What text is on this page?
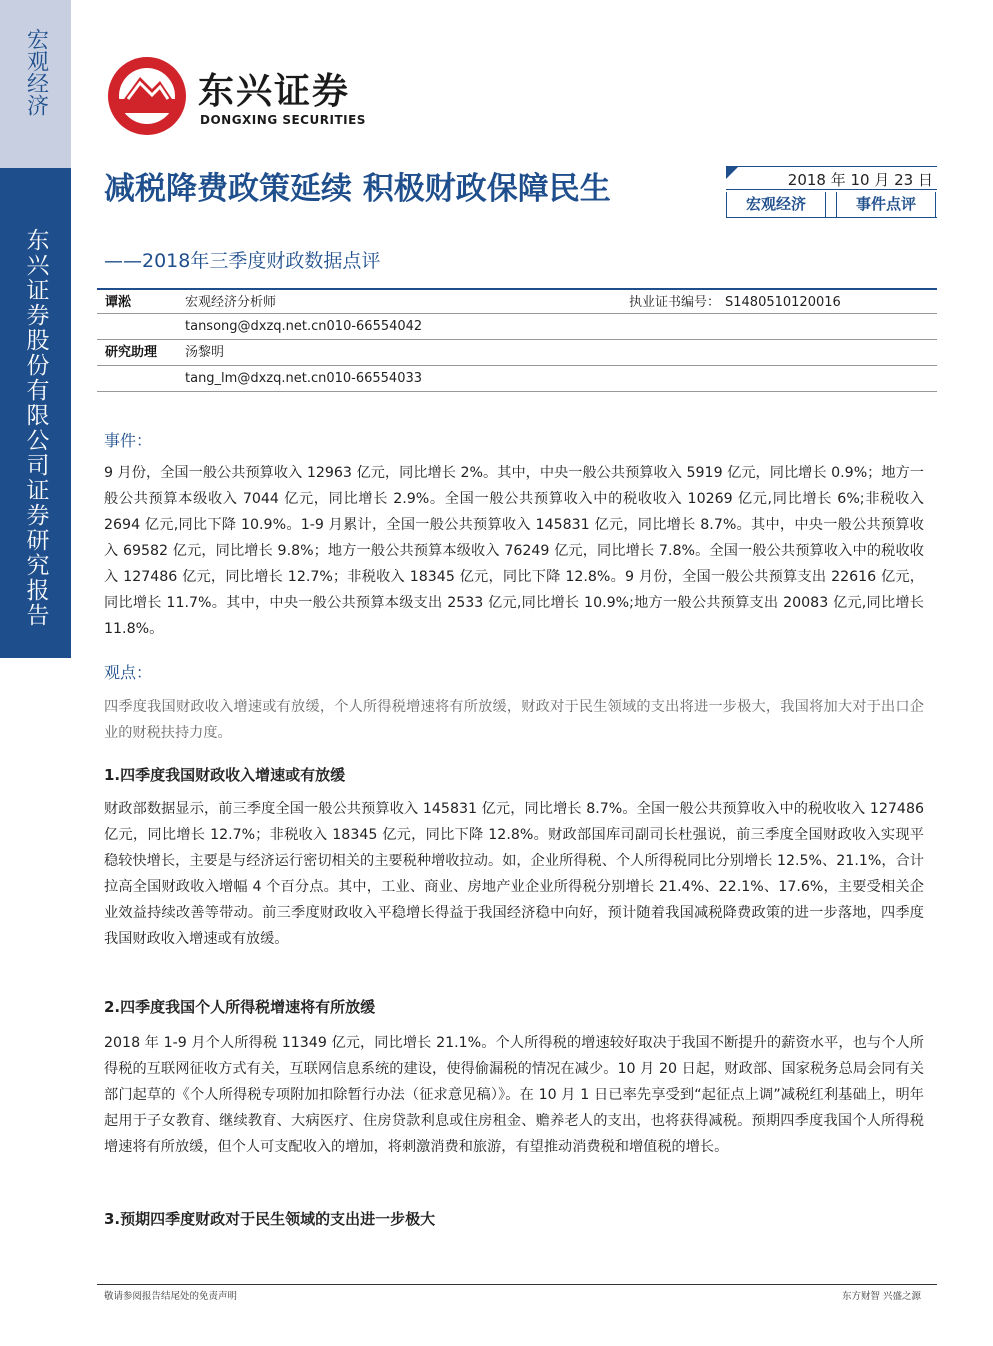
宏观经济
东兴证券股份有限公司证券研究报告
东兴证券
DONGXING SECURITIES
减税降费政策延续 积极财政保障民生
——2018年三季度财政数据点评
2018 年 10 月 23 日
宏观经济	事件点评
谭淞	宏观经济分析师	执业证书编号： S1480510120016
tansong@dxzq.net.cn010-66554042
研究助理 汤黎明
tang_lm@dxzq.net.cn010-66554033
事件：
9 月份，全国一般公共预算收入 12963 亿元，同比增长 2%。其中，中央一般公共预算收入 5919 亿元，同比增长 0.9%；地方一般公共预算本级收入 7044 亿元，同比增长 2.9%。全国一般公共预算收入中的税收收入 10269 亿元,同比增长 6%;非税收入 2694 亿元,同比下降 10.9%。1-9 月累计，全国一般公共预算收入 145831 亿元，同比增长 8.7%。其中，中央一般公共预算收入 69582 亿元，同比增长 9.8%；地方一般公共预算本级收入 76249 亿元，同比增长 7.8%。全国一般公共预算收入中的税收收入 127486 亿元，同比增长 12.7%；非税收入 18345 亿元，同比下降 12.8%。9 月份，全国一般公共预算支出 22616 亿元，同比增长 11.7%。其中，中央一般公共预算本级支出 2533 亿元,同比增长 10.9%;地方一般公共预算支出 20083 亿元,同比增长 11.8%。
观点：
四季度我国财政收入增速或有放缓，个人所得税增速将有所放缓，财政对于民生领域的支出将进一步极大，我国将加大对于出口企业的财税扶持力度。
1.四季度我国财政收入增速或有放缓
财政部数据显示，前三季度全国一般公共预算收入 145831 亿元，同比增长 8.7%。全国一般公共预算收入中的税收收入 127486 亿元，同比增长 12.7%；非税收入 18345 亿元，同比下降 12.8%。财政部国库司副司长杜强说，前三季度全国财政收入实现平稳较快增长，主要是与经济运行密切相关的主要税种增收拉动。如，企业所得税、个人所得税同比分别增长 12.5%、21.1%，合计拉高全国财政收入增幅 4 个百分点。其中，工业、商业、房地产业企业所得税分别增长 21.4%、22.1%、17.6%，主要受相关企业效益持续改善等带动。前三季度财政收入平稳增长得益于我国经济稳中向好，预计随着我国减税降费政策的进一步落地，四季度我国财政收入增速或有放缓。
2.四季度我国个人所得税增速将有所放缓
2018 年 1-9 月个人所得税 11349 亿元，同比增长 21.1%。个人所得税的增速较好取决于我国不断提升的薪资水平，也与个人所得税的互联网征收方式有关，互联网信息系统的建设，使得偷漏税的情况在减少。10 月 20 日起，财政部、国家税务总局会同有关部门起草的《个人所得税专项附加扣除暂行办法（征求意见稿）》。在 10 月 1 日已率先享受到“起征点上调”减税红利基础上，明年起用于子女教育、继续教育、大病医疗、住房贷款利息或住房租金、赡养老人的支出，也将获得减税。预期四季度我国个人所得税增速将有所放缓，但个人可支配收入的增加，将刺激消费和旅游，有望推动消费税和增值税的增长。
3.预期四季度财政对于民生领域的支出进一步极大
敬请参阅报告结尾处的免责声明	东方财智 兴盛之源
